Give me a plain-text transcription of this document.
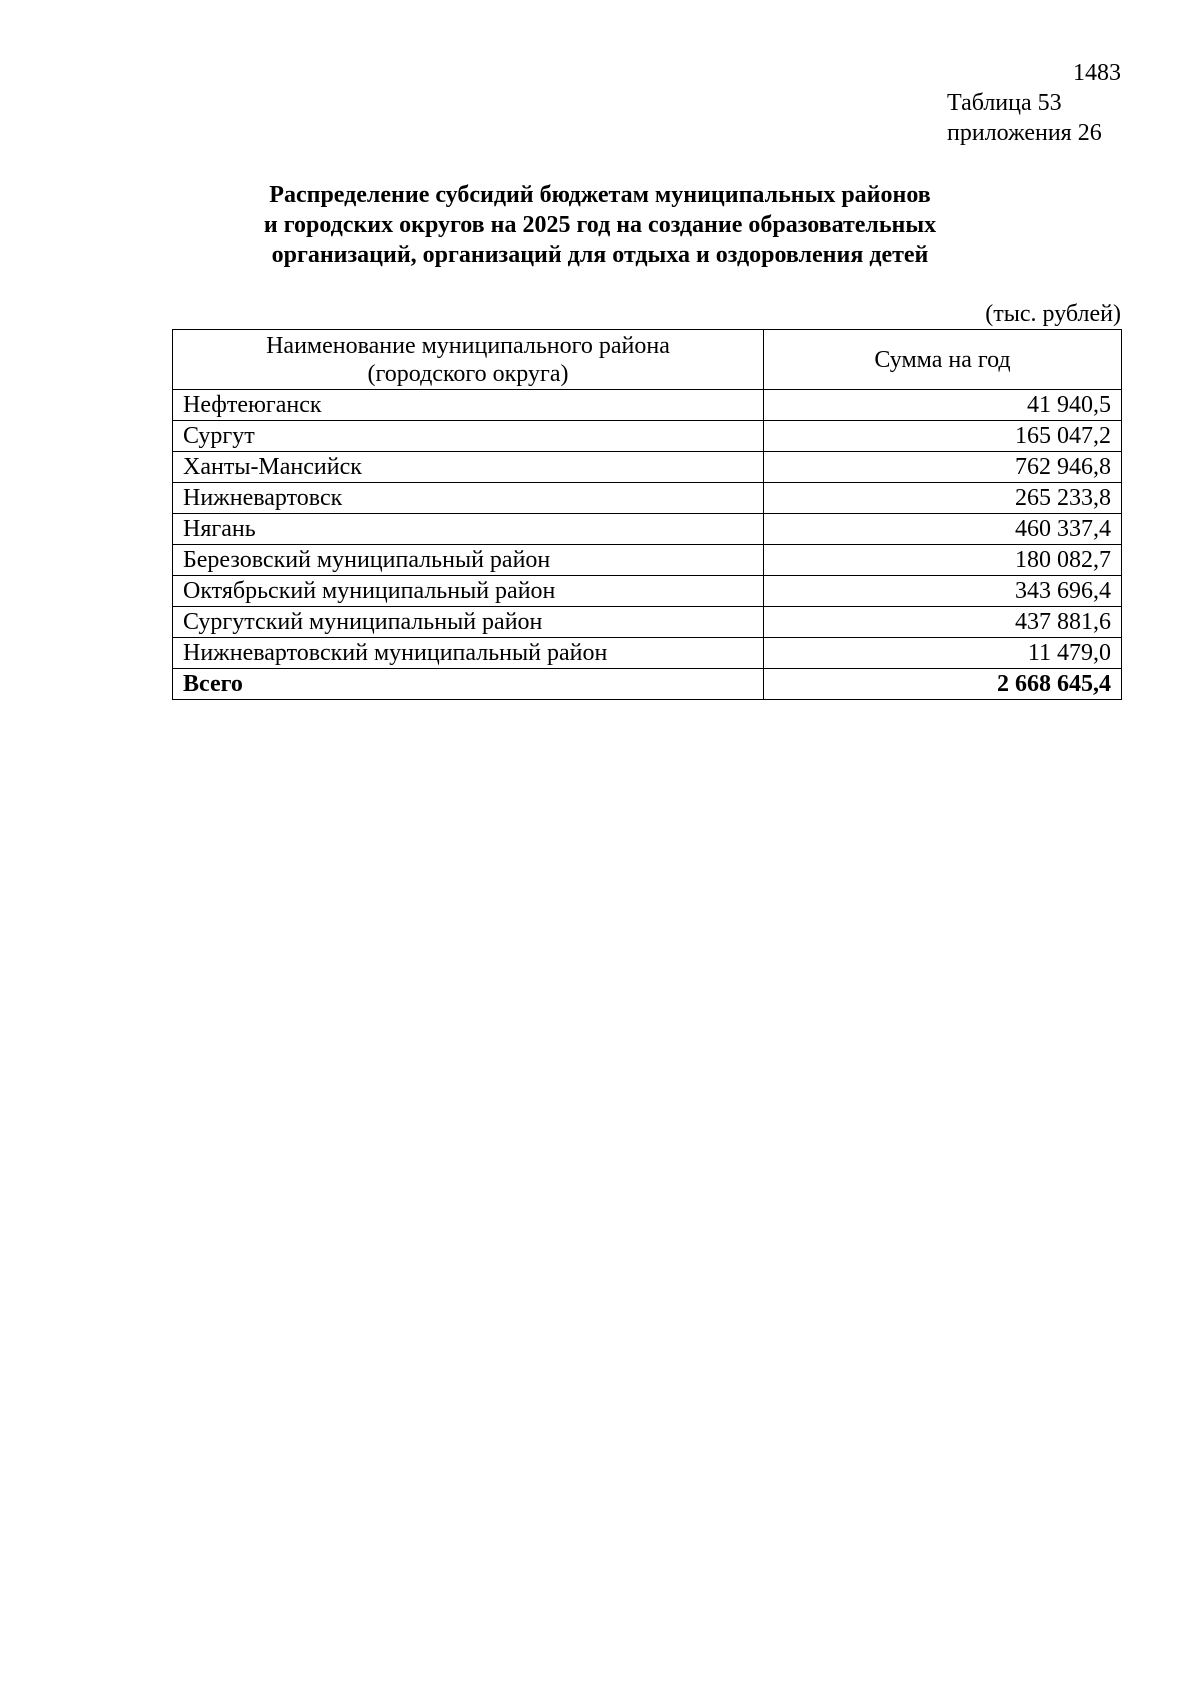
1483
Таблица 53
приложения 26
Распределение субсидий бюджетам муниципальных районов
и городских округов на 2025 год на создание образовательных
организаций, организаций для отдыха и оздоровления детей
(тыс. рублей)
Наименование муниципального района
(городского округа)	Сумма на год
Нефтеюганск	41 940,5
Сургут	165 047,2
Ханты-Мансийск	762 946,8
Нижневартовск	265 233,8
Нягань	460 337,4
Березовский муниципальный район	180 082,7
Октябрьский муниципальный район	343 696,4
Сургутский муниципальный район	437 881,6
Нижневартовский муниципальный район	11 479,0
Всего	2 668 645,4
